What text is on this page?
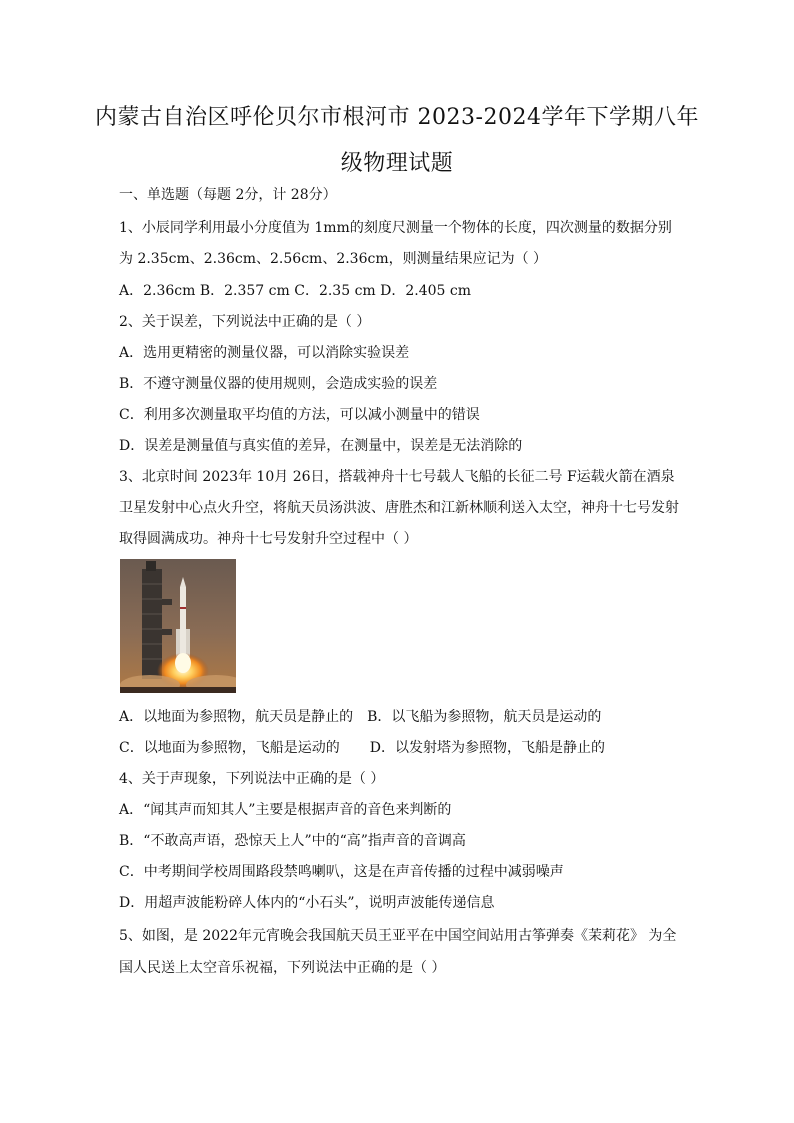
内蒙古自治区呼伦贝尔市根河市 2023-2024学年下学期八年
级物理试题
一、单选题（每题 2分，计 28分）
1、小辰同学利用最小分度值为 1mm的刻度尺测量一个物体的长度，四次测量的数据分别
为 2.35cm、2.36cm、2.56cm、2.36cm，则测量结果应记为（ ）
A．2.36cm B．2.357 cm C．2.35 cm D．2.405 cm
2、关于误差，下列说法中正确的是（ ）
A．选用更精密的测量仪器，可以消除实验误差
B．不遵守测量仪器的使用规则，会造成实验的误差
C．利用多次测量取平均值的方法，可以减小测量中的错误
D．误差是测量值与真实值的差异，在测量中，误差是无法消除的
3、北京时间 2023年 10月 26日，搭载神舟十七号载人飞船的长征二号 F运载火箭在酒泉
卫星发射中心点火升空，将航天员汤洪波、唐胜杰和江新林顺利送入太空，神舟十七号发射
取得圆满成功。神舟十七号发射升空过程中（ ）
A．以地面为参照物，航天员是静止的 B．以飞船为参照物，航天员是运动的
C．以地面为参照物，飞船是运动的 D．以发射塔为参照物，飞船是静止的
4、关于声现象，下列说法中正确的是（ ）
A．“闻其声而知其人”主要是根据声音的音色来判断的
B．“不敢高声语，恐惊天上人”中的“高”指声音的音调高
C．中考期间学校周围路段禁鸣喇叭，这是在声音传播的过程中减弱噪声
D．用超声波能粉碎人体内的“小石头”，说明声波能传递信息
5、如图，是 2022年元宵晚会我国航天员王亚平在中国空间站用古筝弹奏《茉莉花》 为全
国人民送上太空音乐祝福，下列说法中正确的是（ ）
